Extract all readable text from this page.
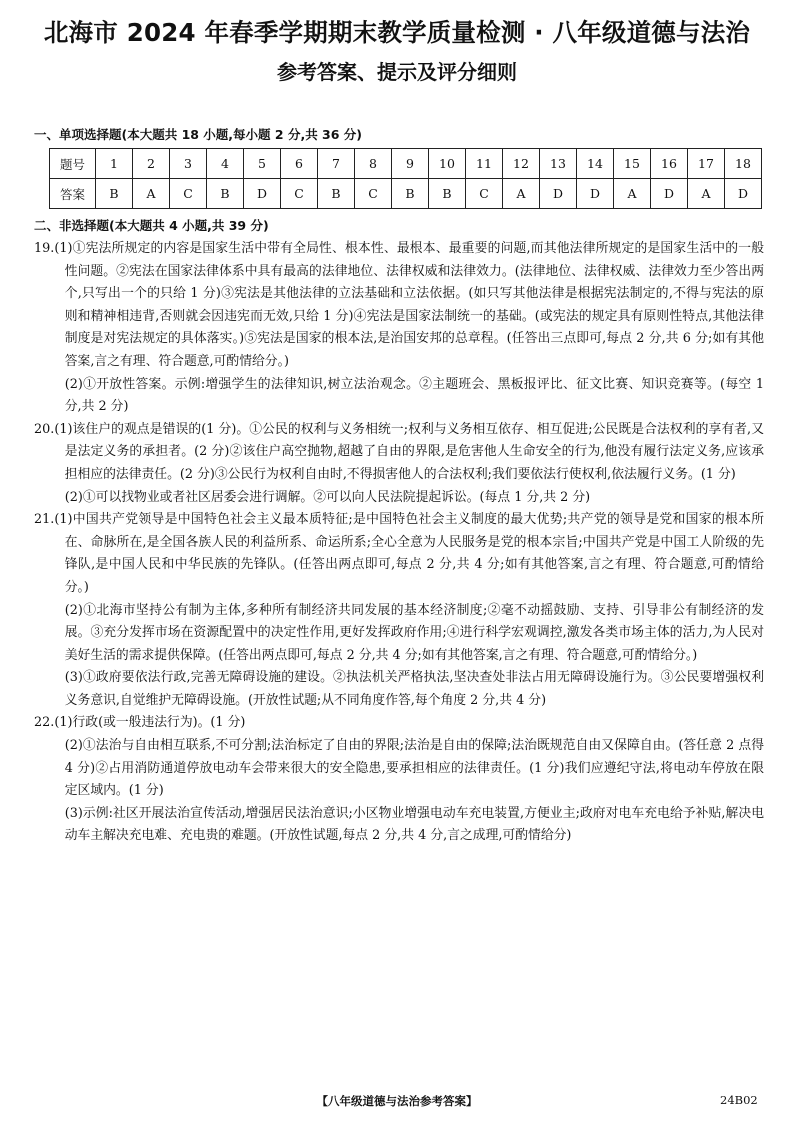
北海市 2024 年春季学期期末教学质量检测 · 八年级道德与法治
参考答案、提示及评分细则
一、单项选择题(本大题共 18 小题,每小题 2 分,共 36 分)
题号	1	2	3	4	5	6	7	8	9	10	11	12	13	14	15	16	17	18
答案	B	A	C	B	D	C	B	C	B	B	C	A	D	D	A	D	A	D
二、非选择题(本大题共 4 小题,共 39 分)

19.(1)①宪法所规定的内容是国家生活中带有全局性、根本性、最根本、最重要的问题,而其他法律所规定的是国家生活中的一般性问题。②宪法在国家法律体系中具有最高的法律地位、法律权威和法律效力。(法律地位、法律权威、法律效力至少答出两个,只写出一个的只给 1 分)③宪法是其他法律的立法基础和立法依据。(如只写其他法律是根据宪法制定的,不得与宪法的原则和精神相违背,否则就会因违宪而无效,只给 1 分)④宪法是国家法制统一的基础。(或宪法的规定具有原则性特点,其他法律制度是对宪法规定的具体落实。)⑤宪法是国家的根本法,是治国安邦的总章程。(任答出三点即可,每点 2 分,共 6 分;如有其他答案,言之有理、符合题意,可酌情给分。)

(2)①开放性答案。示例:增强学生的法律知识,树立法治观念。②主题班会、黑板报评比、征文比赛、知识竞赛等。(每空 1 分,共 2 分)

20.(1)该住户的观点是错误的(1 分)。①公民的权利与义务相统一;权利与义务相互依存、相互促进;公民既是合法权利的享有者,又是法定义务的承担者。(2 分)②该住户高空抛物,超越了自由的界限,是危害他人生命安全的行为,他没有履行法定义务,应该承担相应的法律责任。(2 分)③公民行为权利自由时,不得损害他人的合法权利;我们要依法行使权利,依法履行义务。(1 分)

(2)①可以找物业或者社区居委会进行调解。②可以向人民法院提起诉讼。(每点 1 分,共 2 分)

21.(1)中国共产党领导是中国特色社会主义最本质特征;是中国特色社会主义制度的最大优势;共产党的领导是党和国家的根本所在、命脉所在,是全国各族人民的利益所系、命运所系;全心全意为人民服务是党的根本宗旨;中国共产党是中国工人阶级的先锋队,是中国人民和中华民族的先锋队。(任答出两点即可,每点 2 分,共 4 分;如有其他答案,言之有理、符合题意,可酌情给分。)

(2)①北海市坚持公有制为主体,多种所有制经济共同发展的基本经济制度;②毫不动摇鼓励、支持、引导非公有制经济的发展。③充分发挥市场在资源配置中的决定性作用,更好发挥政府作用;④进行科学宏观调控,激发各类市场主体的活力,为人民对美好生活的需求提供保障。(任答出两点即可,每点 2 分,共 4 分;如有其他答案,言之有理、符合题意,可酌情给分。)

(3)①政府要依法行政,完善无障碍设施的建设。②执法机关严格执法,坚决查处非法占用无障碍设施行为。③公民要增强权利义务意识,自觉维护无障碍设施。(开放性试题;从不同角度作答,每个角度 2 分,共 4 分)

22.(1)行政(或一般违法行为)。(1 分)

(2)①法治与自由相互联系,不可分割;法治标定了自由的界限;法治是自由的保障;法治既规范自由又保障自由。(答任意 2 点得 4 分)②占用消防通道停放电动车会带来很大的安全隐患,要承担相应的法律责任。(1 分)我们应遵纪守法,将电动车停放在限定区域内。(1 分)

(3)示例:社区开展法治宣传活动,增强居民法治意识;小区物业增强电动车充电装置,方便业主;政府对电车充电给予补贴,解决电动车主解决充电难、充电贵的难题。(开放性试题,每点 2 分,共 4 分,言之成理,可酌情给分)

【八年级道德与法治参考答案】	24B02
